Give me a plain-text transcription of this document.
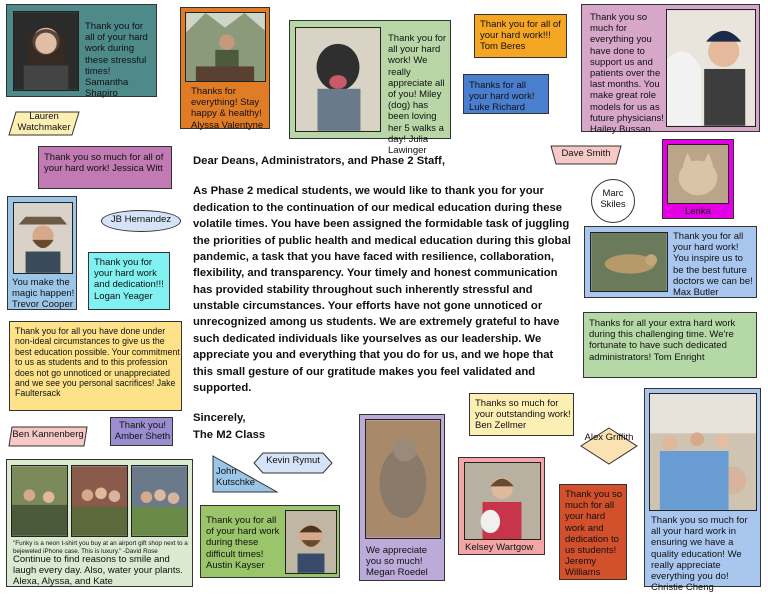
Thank you for all of your hard work during these stressful times! Samantha Shapiro	Thanks for everything! Stay happy & healthy! Alyssa Valentyne
Thank you for all your hard work! We really appreciate all of you! Miley (dog) has been loving her 5 walks a day! Julia Lawinger
Thank you for all of your hard work!!! Tom Beres
Thanks for all your hard work! Luke Richard
Thank you so much for everything you have done to support us and patients over the last months. You make great role models for us as future physicians! Hailey Bussan
Lauren Watchmaker
Thank you so much for all of your hard work! Jessica Witt
Dave Smith
Lenka
Marc Skiles
You make the magic happen! Trevor Cooper
JB Hernandez
Thank you for your hard work and dedication!!! Logan Yeager

Dear Deans, Administrators, and Phase 2 Staff,

As Phase 2 medical students, we would like to thank you for your dedication to the continuation of our medical education during these volatile times. You have been assigned the formidable task of juggling the priorities of public health and medical education during this global pandemic, a task that you have faced with resilience, collaboration, flexibility, and transparency. Your timely and honest communication has provided stability throughout such inherently stressful and unstable circumstances. Your efforts have not gone unnoticed or unrecognized among us students. We are extremely grateful to have such dedicated individuals like yourselves as our leadership. We appreciate you and everything that you do for us, and we hope that this small gesture of our gratitude makes you feel validated and supported.

Sincerely,
The M2 Class
Thank you for all your hard work! You inspire us to be the best future doctors we can be! Max Butler
Thanks for all your extra hard work during this challenging time. We're fortunate to have such dedicated administrators! Tom Enright
Thank you for all you have done under non-ideal circumstances to give us the best education possible. Your commitment to us as students and to this profession does not go unnoticed or unappreciated and we see you personal sacrifices! Jake Faultersack
Ben Kannenberg
Thank you! Amber Sheth
Thanks so much for your outstanding work! Ben Zellmer
Alex Griffith
Thank you so much for all your hard work in ensuring we have a quality education! We really appreciate everything you do! Christie Cheng
Kevin Rymut
John Kutschke
"Funky is a neon t-shirt you buy at an airport gift shop next to a bejeweled iPhone case. This is luxury." -David Rose
Continue to find reasons to smile and laugh every day. Also, water your plants. Alexa, Alyssa, and Kate
Thank you for all of your hard work during these difficult times! Austin Kayser
We appreciate you so much! Megan Roedel
Kelsey Wartgow
Thank you so much for all your hard work and dedication to us students! Jeremy Williams
